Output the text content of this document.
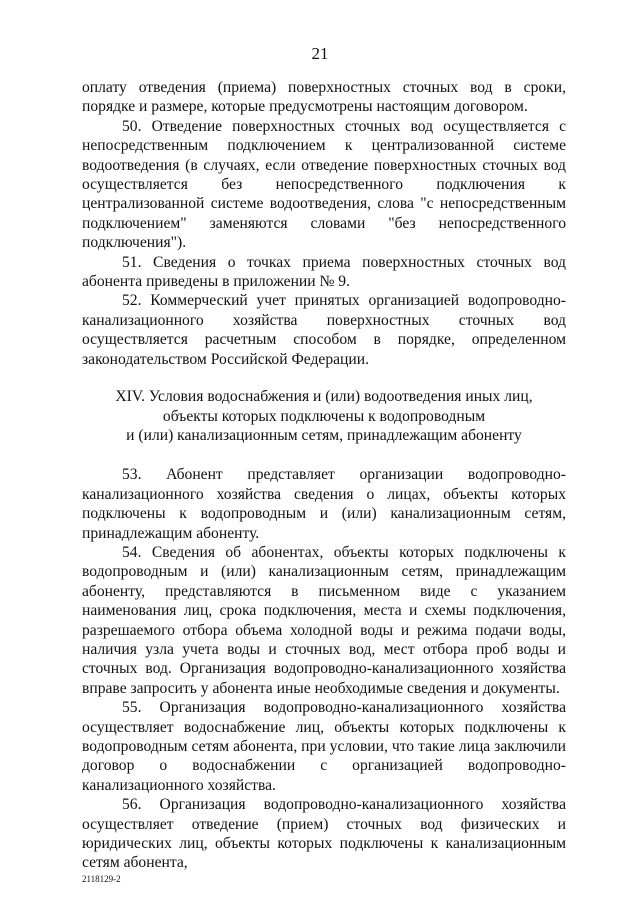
21

оплату отведения (приема) поверхностных сточных вод в сроки, порядке и размере, которые предусмотрены настоящим договором.

50. Отведение поверхностных сточных вод осуществляется с непосредственным подключением к централизованной системе водоотведения (в случаях, если отведение поверхностных сточных вод осуществляется без непосредственного подключения к централизованной системе водоотведения, слова "с непосредственным подключением" заменяются словами "без непосредственного подключения").

51. Сведения о точках приема поверхностных сточных вод абонента приведены в приложении № 9.

52. Коммерческий учет принятых организацией водопроводно-канализационного хозяйства поверхностных сточных вод осуществляется расчетным способом в порядке, определенном законодательством Российской Федерации.

XIV. Условия водоснабжения и (или) водоотведения иных лиц,
объекты которых подключены к водопроводным
и (или) канализационным сетям, принадлежащим абоненту

53. Абонент представляет организации водопроводно-канализационного хозяйства сведения о лицах, объекты которых подключены к водопроводным и (или) канализационным сетям, принадлежащим абоненту.

54. Сведения об абонентах, объекты которых подключены к водопроводным и (или) канализационным сетям, принадлежащим абоненту, представляются в письменном виде с указанием наименования лиц, срока подключения, места и схемы подключения, разрешаемого отбора объема холодной воды и режима подачи воды, наличия узла учета воды и сточных вод, мест отбора проб воды и сточных вод. Организация водопроводно-канализационного хозяйства вправе запросить у абонента иные необходимые сведения и документы.

55. Организация водопроводно-канализационного хозяйства осуществляет водоснабжение лиц, объекты которых подключены к водопроводным сетям абонента, при условии, что такие лица заключили договор о водоснабжении с организацией водопроводно-канализационного хозяйства.

56. Организация водопроводно-канализационного хозяйства осуществляет отведение (прием) сточных вод физических и юридических лиц, объекты которых подключены к канализационным сетям абонента,

2118129-2
